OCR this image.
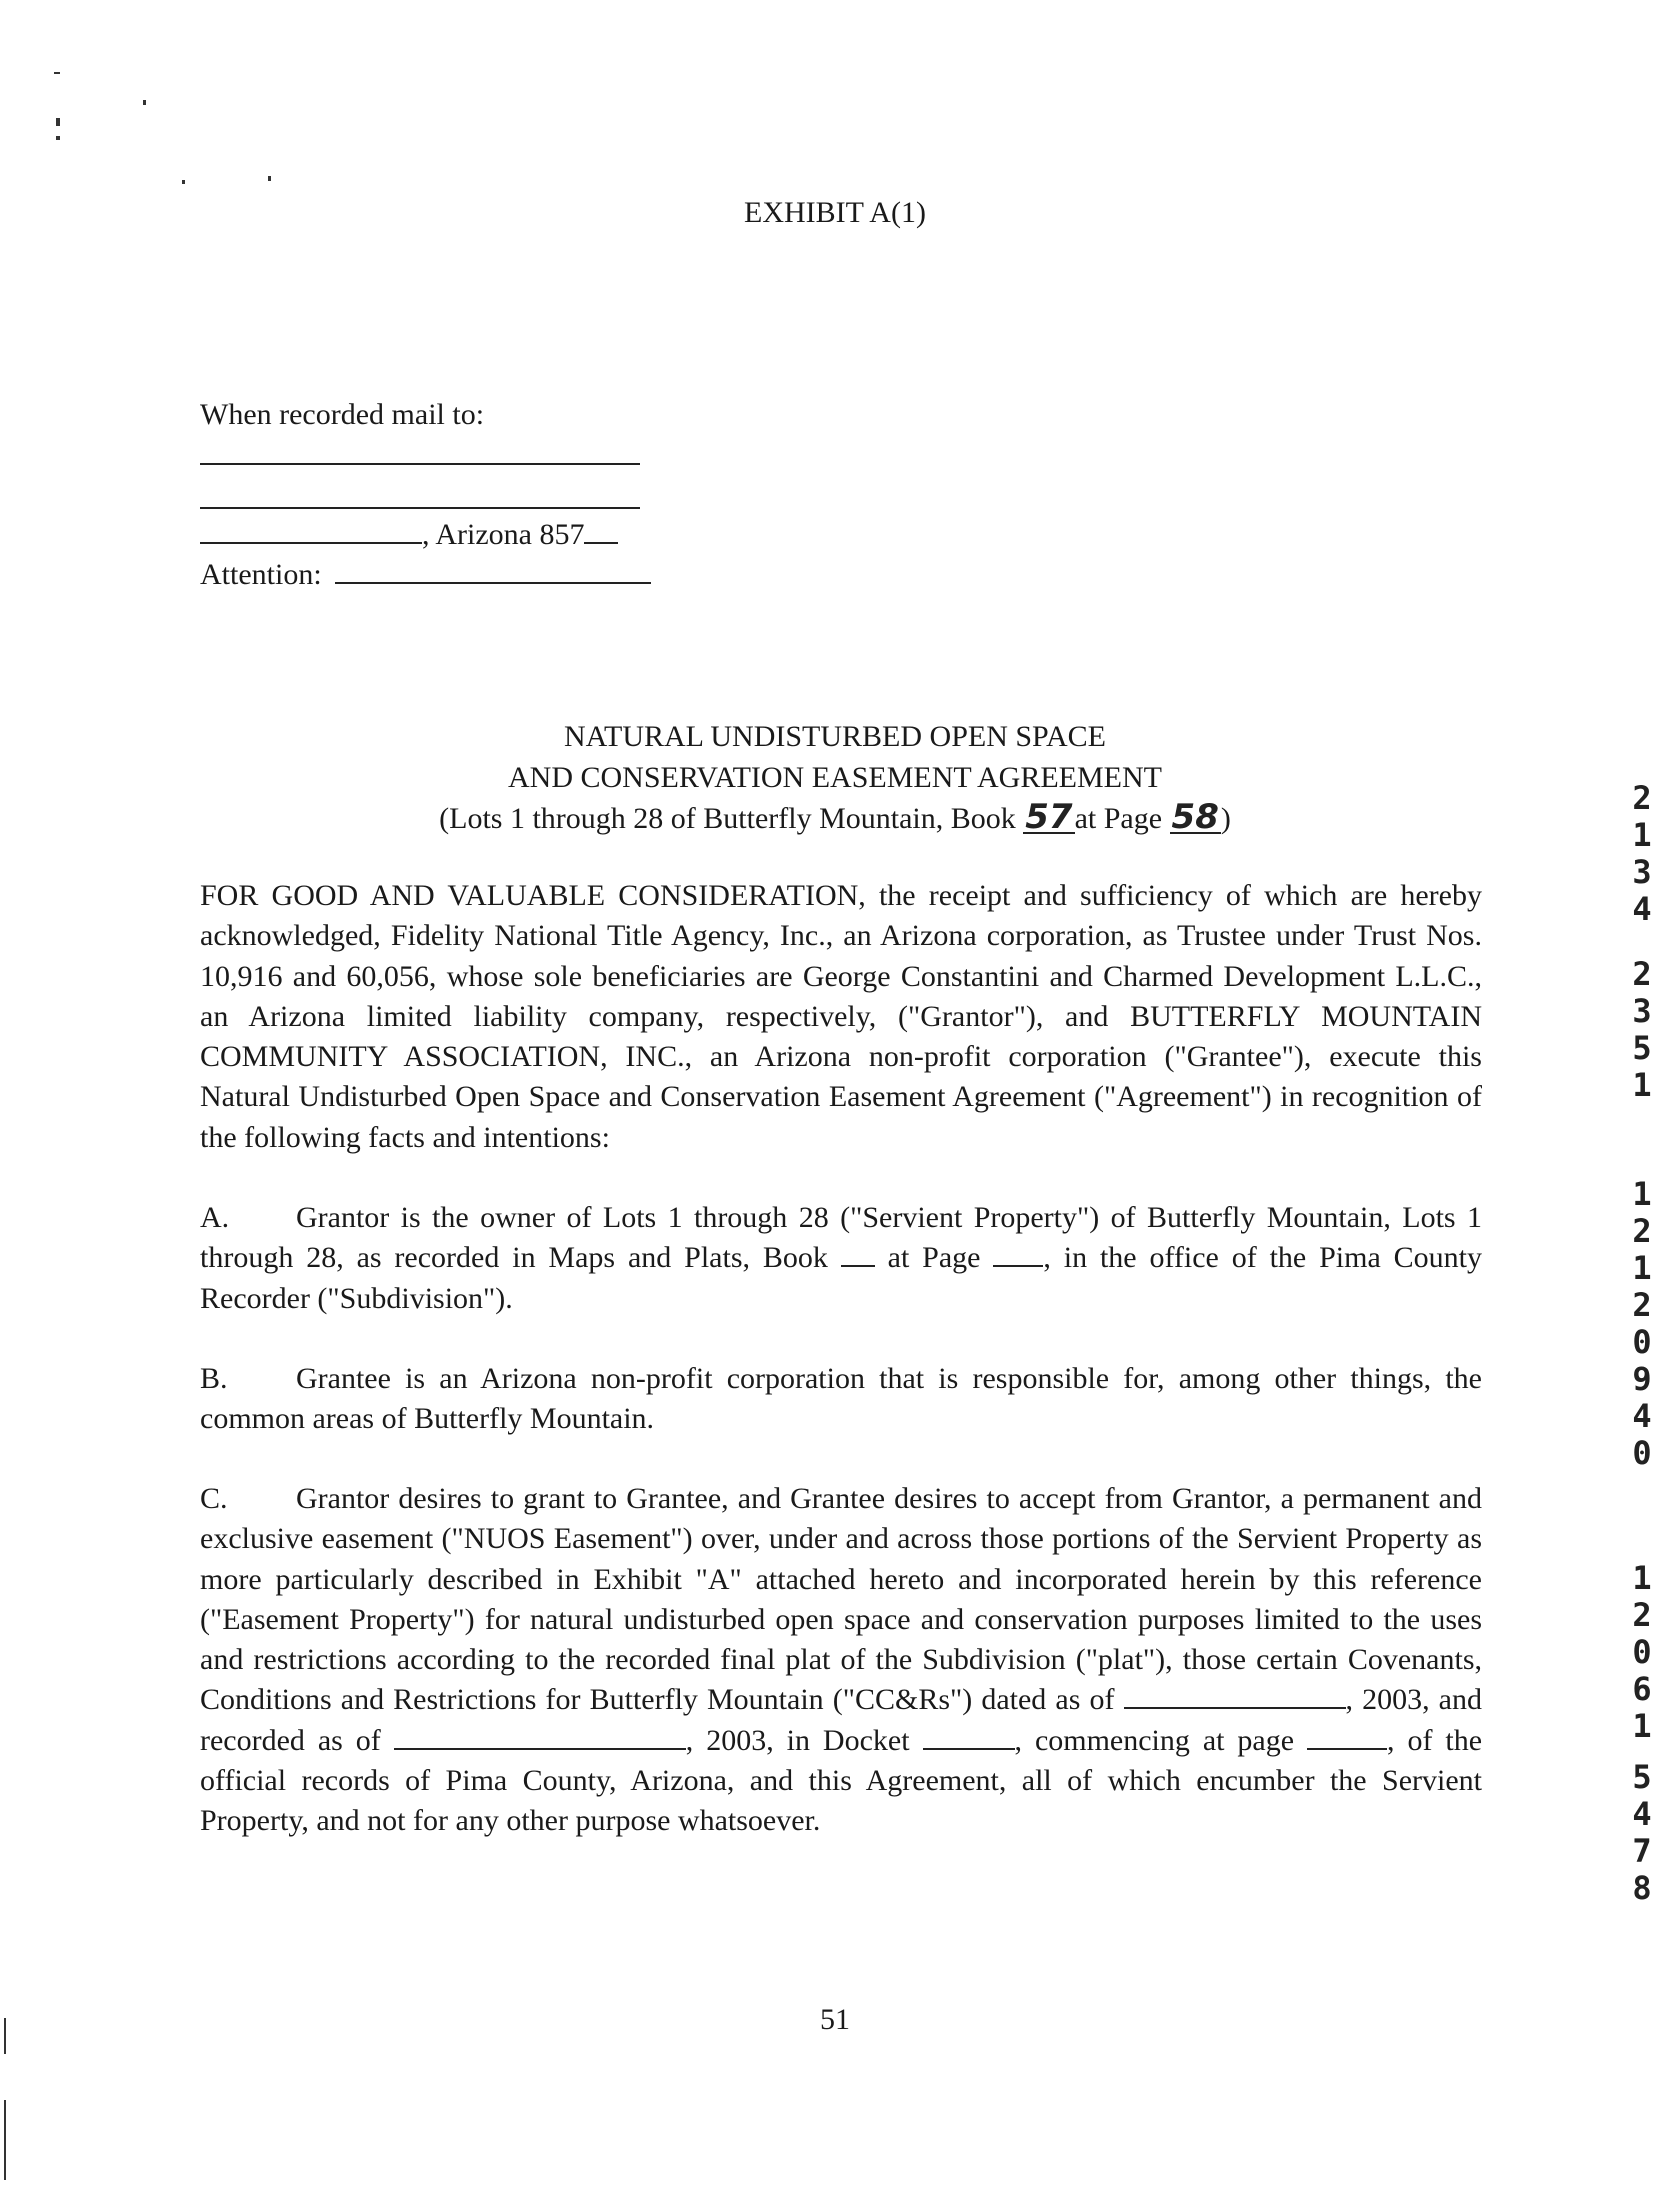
EXHIBIT A(1)
When recorded mail to:
, Arizona 857
Attention:
NATURAL UNDISTURBED OPEN SPACE
AND CONSERVATION EASEMENT AGREEMENT
(Lots 1 through 28 of Butterfly Mountain, Book 57at Page 58)
FOR GOOD AND VALUABLE CONSIDERATION, the receipt and sufficiency of which are hereby acknowledged, Fidelity National Title Agency, Inc., an Arizona corporation, as Trustee under Trust Nos. 10,916 and 60,056, whose sole beneficiaries are George Constantini and Charmed Development L.L.C., an Arizona limited liability company, respectively, ("Grantor"), and BUTTERFLY MOUNTAIN COMMUNITY ASSOCIATION, INC., an Arizona non-profit corporation ("Grantee"), execute this Natural Undisturbed Open Space and Conservation Easement Agreement ("Agreement") in recognition of the following facts and intentions:
A. Grantor is the owner of Lots 1 through 28 ("Servient Property") of Butterfly Mountain, Lots 1 through 28, as recorded in Maps and Plats, Book at Page , in the office of the Pima County Recorder ("Subdivision").
B. Grantee is an Arizona non-profit corporation that is responsible for, among other things, the common areas of Butterfly Mountain.
C. Grantor desires to grant to Grantee, and Grantee desires to accept from Grantor, a permanent and exclusive easement ("NUOS Easement") over, under and across those portions of the Servient Property as more particularly described in Exhibit "A" attached hereto and incorporated herein by this reference ("Easement Property") for natural undisturbed open space and conservation purposes limited to the uses and restrictions according to the recorded final plat of the Subdivision ("plat"), those certain Covenants, Conditions and Restrictions for Butterfly Mountain ("CC&Rs") dated as of	, 2003, and recorded as of	, 2003, in Docket	, commencing at page	, of the official records of Pima County, Arizona, and this Agreement, all of which encumber the Servient Property, and not for any other purpose whatsoever.
51
2
1
3
4
2
3
5
1
1
2
1
2
0
9
4
0
1
2
0
6
1
5
4
7
8
